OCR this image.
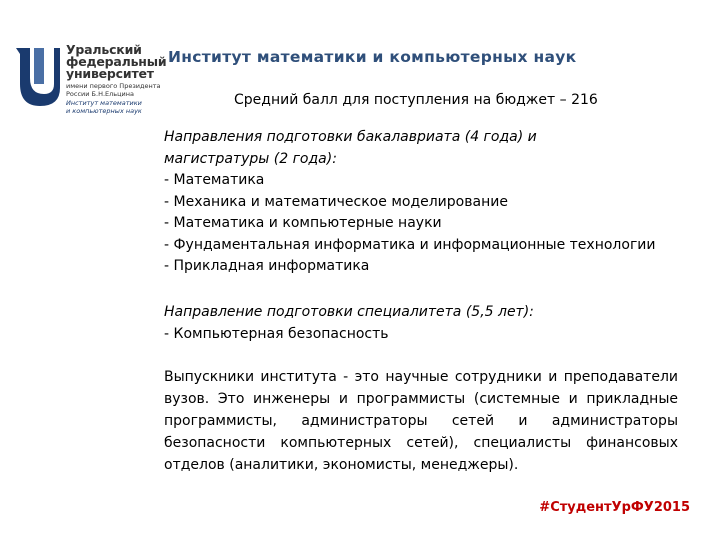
Уральский
федеральный
университет
имени первого Президента
России Б.Н.Ельцина
Институт математики
и компьютерных наук
Институт математики и компьютерных наук
Средний балл для поступления на бюджет – 216
Направления подготовки бакалавриата (4 года) и
магистратуры (2 года):
- Математика
- Механика и математическое моделирование
- Математика и компьютерные науки
- Фундаментальная информатика и информационные технологии
- Прикладная информатика
Направление подготовки специалитета (5,5 лет):
- Компьютерная безопасность
Выпускники института - это научные сотрудники и преподаватели вузов. Это инженеры и программисты (системные и прикладные программисты, администраторы сетей и администраторы безопасности компьютерных сетей), специалисты финансовых отделов (аналитики, экономисты, менеджеры).
#СтудентУрФУ2015
